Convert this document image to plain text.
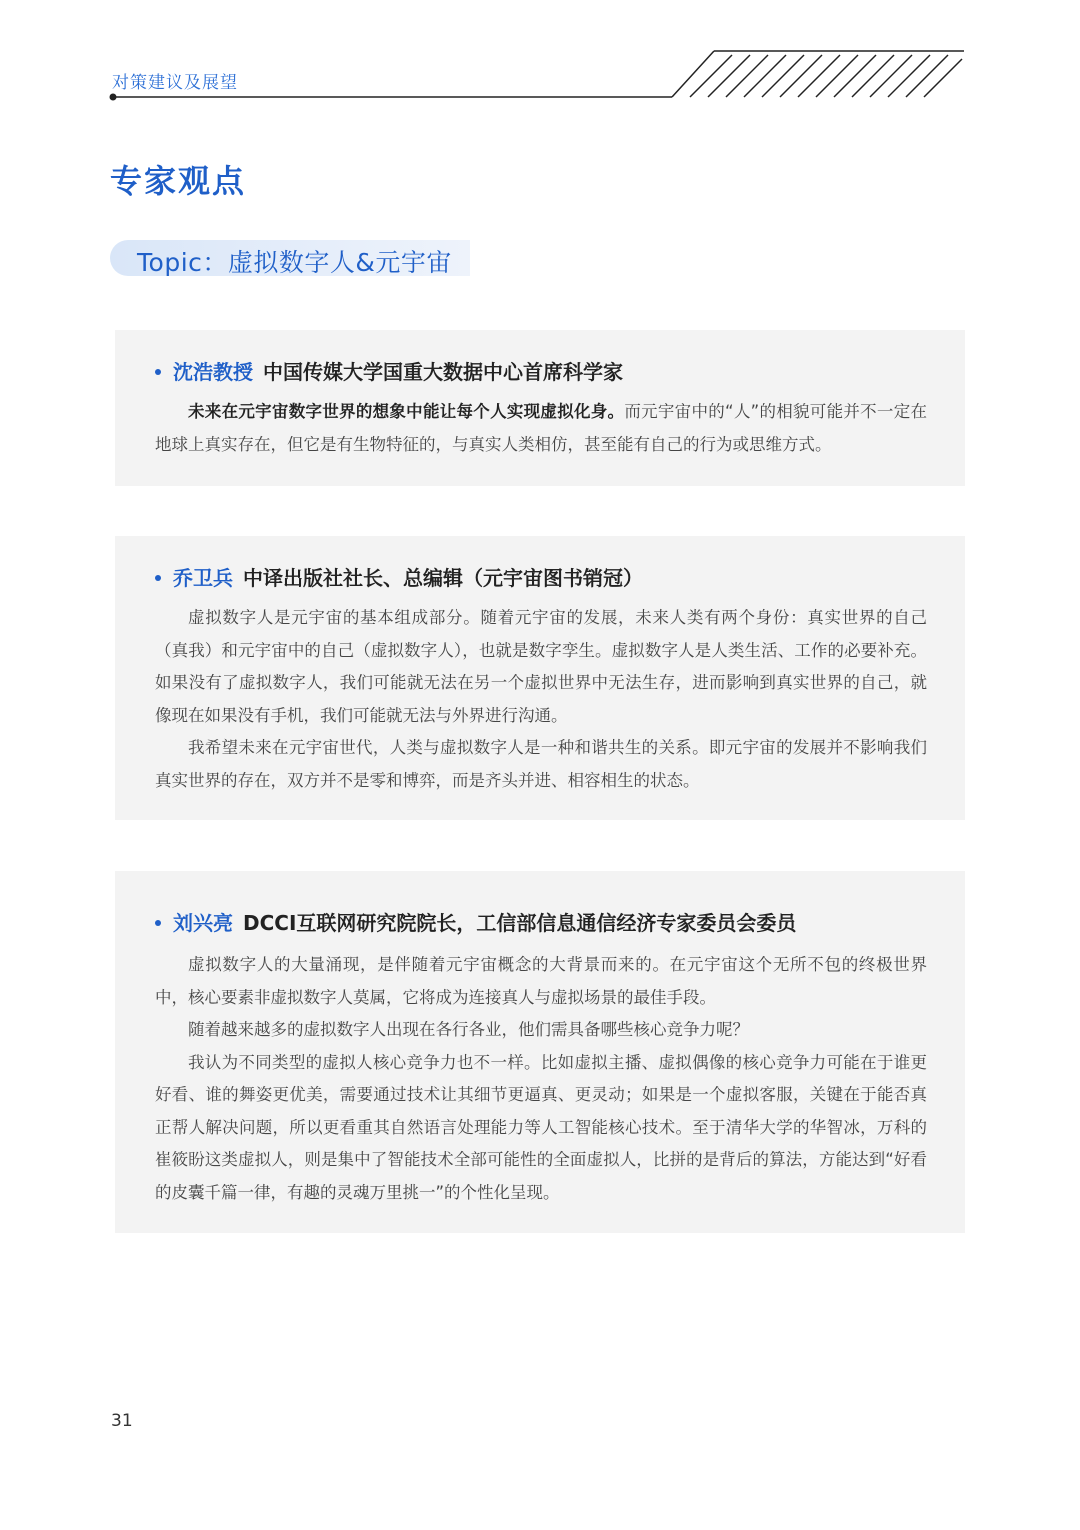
对策建议及展望
专家观点
Topic：虚拟数字人&元宇宙
沈浩教授 中国传媒大学国重大数据中心首席科学家

未来在元宇宙数字世界的想象中能让每个人实现虚拟化身。而元宇宙中的“人”的相貌可能并不一定在地球上真实存在，但它是有生物特征的，与真实人类相仿，甚至能有自己的行为或思维方式。

乔卫兵 中译出版社社长、总编辑（元宇宙图书销冠）

虚拟数字人是元宇宙的基本组成部分。随着元宇宙的发展，未来人类有两个身份：真实世界的自己（真我）和元宇宙中的自己（虚拟数字人），也就是数字孪生。虚拟数字人是人类生活、工作的必要补充。如果没有了虚拟数字人，我们可能就无法在另一个虚拟世界中无法生存，进而影响到真实世界的自己，就像现在如果没有手机，我们可能就无法与外界进行沟通。

我希望未来在元宇宙世代，人类与虚拟数字人是一种和谐共生的关系。即元宇宙的发展并不影响我们真实世界的存在，双方并不是零和博弈，而是齐头并进、相容相生的状态。

刘兴亮 DCCI互联网研究院院长，工信部信息通信经济专家委员会委员

虚拟数字人的大量涌现，是伴随着元宇宙概念的大背景而来的。在元宇宙这个无所不包的终极世界中，核心要素非虚拟数字人莫属，它将成为连接真人与虚拟场景的最佳手段。

随着越来越多的虚拟数字人出现在各行各业，他们需具备哪些核心竞争力呢？

我认为不同类型的虚拟人核心竞争力也不一样。比如虚拟主播、虚拟偶像的核心竞争力可能在于谁更好看、谁的舞姿更优美，需要通过技术让其细节更逼真、更灵动；如果是一个虚拟客服，关键在于能否真正帮人解决问题，所以更看重其自然语言处理能力等人工智能核心技术。至于清华大学的华智冰，万科的崔筱盼这类虚拟人，则是集中了智能技术全部可能性的全面虚拟人，比拼的是背后的算法，方能达到“好看的皮囊千篇一律，有趣的灵魂万里挑一”的个性化呈现。

31
